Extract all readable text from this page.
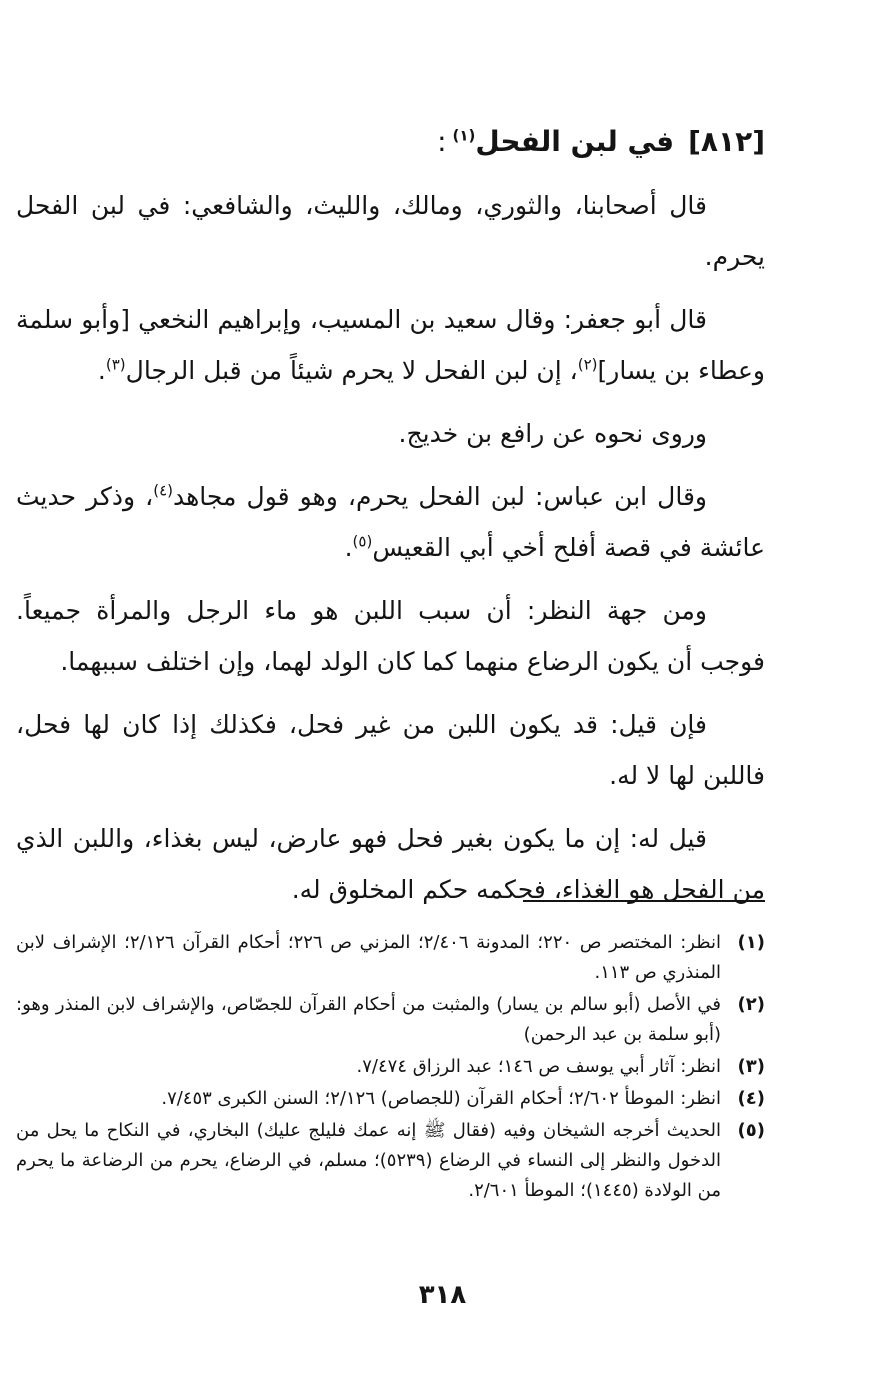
[٨١٢]في لبن الفحل$^{(١)}$:

قال أصحابنا، والثوري، ومالك، والليث، والشافعي: في لبن الفحل يحرم.

قال أبو جعفر: وقال سعيد بن المسيب، وإبراهيم النخعي [وأبو سلمة وعطاء بن يسار]$^{(٢)}$، إن لبن الفحل لا يحرم شيئاً من قبل الرجال$^{(٣)}$.

وروى نحوه عن رافع بن خديج.

وقال ابن عباس: لبن الفحل يحرم، وهو قول مجاهد$^{(٤)}$، وذكر حديث عائشة في قصة أفلح أخي أبي القعيس$^{(٥)}$.

ومن جهة النظر: أن سبب اللبن هو ماء الرجل والمرأة جميعاً. فوجب أن يكون الرضاع منهما كما كان الولد لهما، وإن اختلف سببهما.

فإن قيل: قد يكون اللبن من غير فحل، فكذلك إذا كان لها فحل، فاللبن لها لا له.

قيل له: إن ما يكون بغير فحل فهو عارض، ليس بغذاء، واللبن الذي من الفحل هو الغذاء، فحكمه حكم المخلوق له.

(١)
انظر: المختصر ص ٢٢٠؛ المدونة ٢/٤٠٦؛ المزني ص ٢٢٦؛ أحكام القرآن ٢/١٢٦؛ الإشراف لابن المنذري ص ١١٣.
(٢)
في الأصل (أبو سالم بن يسار) والمثبت من أحكام القرآن للجصّاص، والإشراف لابن المنذر وهو: (أبو سلمة بن عبد الرحمن)
(٣)
انظر: آثار أبي يوسف ص ١٤٦؛ عبد الرزاق ٧/٤٧٤.
(٤)
انظر: الموطأ ٢/٦٠٢؛ أحكام القرآن (للجصاص) ٢/١٢٦؛ السنن الكبرى ٧/٤٥٣.
(٥)
الحديث أخرجه الشيخان وفيه (فقال ﷺ إنه عمك فليلج عليك) البخاري، في النكاح ما يحل من الدخول والنظر إلى النساء في الرضاع (٥٢٣٩)؛ مسلم، في الرضاع، يحرم من الرضاعة ما يحرم من الولادة (١٤٤٥)؛ الموطأ ٢/٦٠١.
٣١٨
